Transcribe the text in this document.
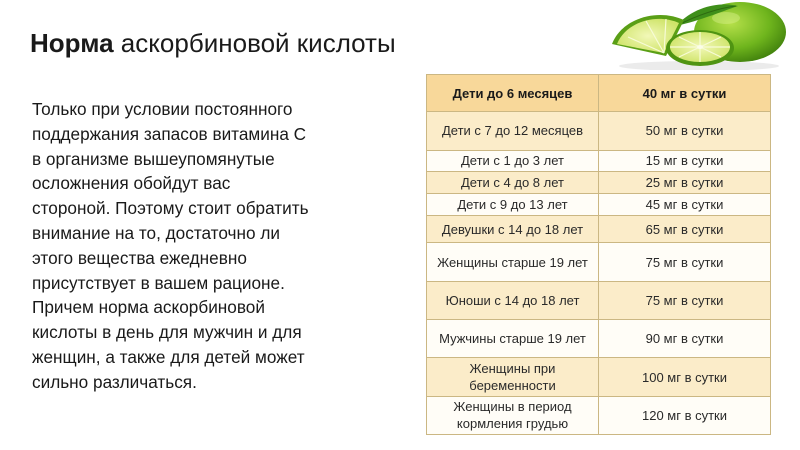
Норма аскорбиновой кислоты
Только при условии постоянного
поддержания запасов витамина С
в организме вышеупомянутые
осложнения обойдут вас
стороной. Поэтому стоит обратить
внимание на то, достаточно ли
этого вещества ежедневно
присутствует в вашем рационе.
Причем норма аскорбиновой
кислоты в день для мужчин и для
женщин, а также для детей может
сильно различаться.
Дети до 6 месяцев	40 мг в сутки
Дети с 7 до 12 месяцев	50 мг в сутки
Дети с 1 до 3 лет	15 мг в сутки
Дети с 4 до 8 лет	25 мг в сутки
Дети с 9 до 13 лет	45 мг в сутки
Девушки с 14 до 18 лет	65 мг в сутки
Женщины старше 19 лет	75 мг в сутки
Юноши с 14 до 18 лет	75 мг в сутки
Мужчины старше 19 лет	90 мг в сутки
Женщины при беременности	100 мг в сутки
Женщины в период кормления грудью	120 мг в сутки
